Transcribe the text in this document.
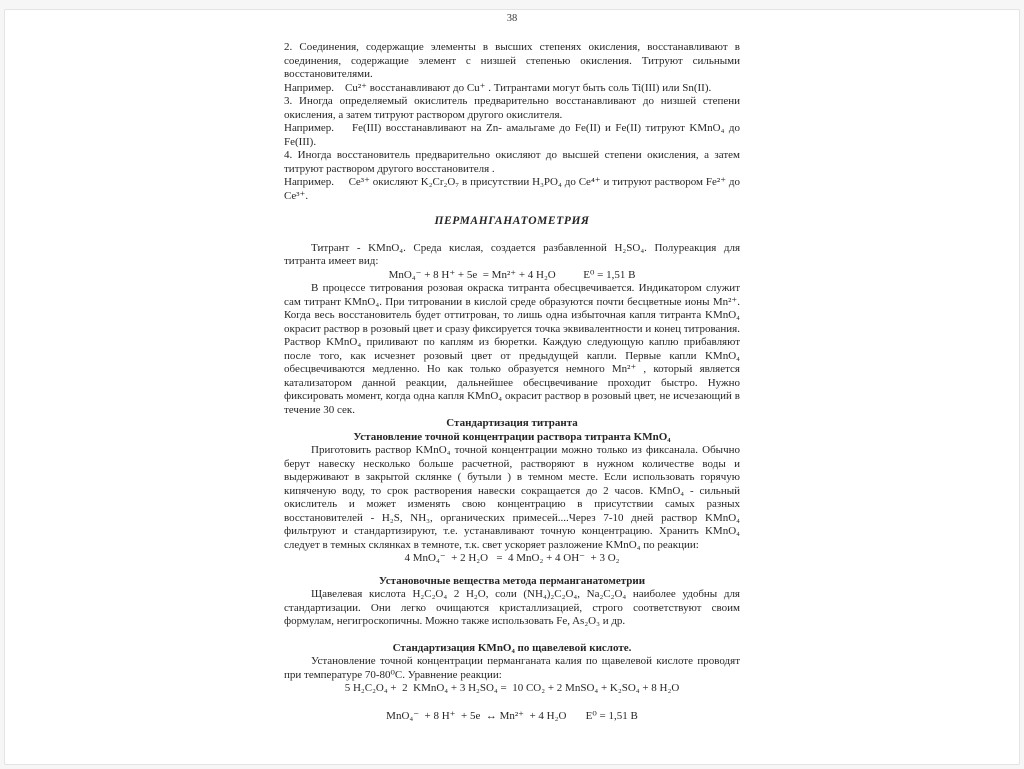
38

2. Соединения, содержащие элементы в высших степенях окисления, восстанавливают в соединения, содержащие элемент с низшей степенью окисления. Титруют сильными восстановителями.

Например.    Cu²⁺ восстанавливают до Cu⁺ . Титрантами могут быть соль Ti(III) или Sn(II).

3. Иногда определяемый окислитель предварительно восстанавливают до низшей степени окисления, а затем титруют раствором другого окислителя.

Например.    Fe(III) восстанавливают на Zn- амальгаме до Fe(II) и Fe(II) титруют KMnO₄ до Fe(III).

4. Иногда восстановитель предварительно окисляют до высшей степени окисления, а затем титруют раствором другого восстановителя .

Например.     Ce³⁺ окисляют K₂Cr₂O₇ в присутствии H₃PO₄ до Ce⁴⁺ и титруют раствором Fe²⁺ до Ce³⁺.

ПЕРМАНГАНАТОМЕТРИЯ

Титрант - KMnO₄. Среда кислая, создается разбавленной H₂SO₄. Полуреакция для титранта имеет вид:

MnO₄⁻ + 8 H⁺ + 5e  = Mn²⁺ + 4 H₂O          E⁰ = 1,51 В

В процессе титрования розовая окраска титранта обесцвечивается. Индикатором служит сам титрант KMnO₄. При титровании в кислой среде образуются почти бесцветные ионы Mn²⁺. Когда весь восстановитель будет оттитрован, то лишь одна избыточная капля титранта KMnO₄ окрасит раствор в розовый цвет и сразу фиксируется точка эквивалентности и конец титрования. Раствор KMnO₄ приливают по каплям из бюретки. Каждую следующую каплю прибавляют после того, как исчезнет розовый цвет от предыдущей капли. Первые капли KMnO₄ обесцвечиваются медленно. Но как только образуется немного Mn²⁺ , который является катализатором данной реакции, дальнейшее обесцвечивание проходит быстро. Нужно фиксировать момент, когда одна капля KMnO₄ окрасит раствор в розовый цвет, не исчезающий в течение 30 сек.

Стандартизация титранта

Установление точной концентрации раствора титранта KMnO₄

Приготовить раствор KMnO₄ точной концентрации можно только из фиксанала. Обычно берут навеску несколько больше расчетной, растворяют в нужном количестве воды и выдерживают в закрытой склянке ( бутыли ) в темном месте. Если использовать горячую кипяченую воду, то срок растворения навески сокращается до 2 часов. KMnO₄ - сильный окислитель и может изменять свою концентрацию в присутствии самых разных восстановителей - H₂S, NH₃, органических примесей....Через 7-10 дней раствор KMnO₄ фильтруют и стандартизируют, т.е. устанавливают точную концентрацию. Хранить KMnO₄ следует в темных склянках в темноте, т.к. свет ускоряет разложение KMnO₄ по реакции:

4 MnO₄⁻  + 2 H₂O   =  4 MnO₂ + 4 OH⁻  + 3 O₂

Установочные вещества метода перманганатометрии

Щавелевая кислота H₂C₂O₄ 2 H₂O, соли (NH₄)₂C₂O₄, Na₂C₂O₄ наиболее удобны для стандартизации. Они легко очищаются кристаллизацией, строго соответствуют своим формулам, негигроскопичны. Можно также использовать Fe, As₂O₃ и др.

Стандартизация KMnO₄ по щавелевой кислоте.

Установление точной концентрации перманганата калия по щавелевой кислоте проводят при температуре 70-80⁰С. Уравнение реакции:

5 H₂C₂O₄ +  2  KMnO₄ + 3 H₂SO₄ =  10 CO₂ + 2 MnSO₄ + K₂SO₄ + 8 H₂O

MnO₄⁻  + 8 H⁺  + 5e  ↔ Mn²⁺  + 4 H₂O       E⁰ = 1,51 В
